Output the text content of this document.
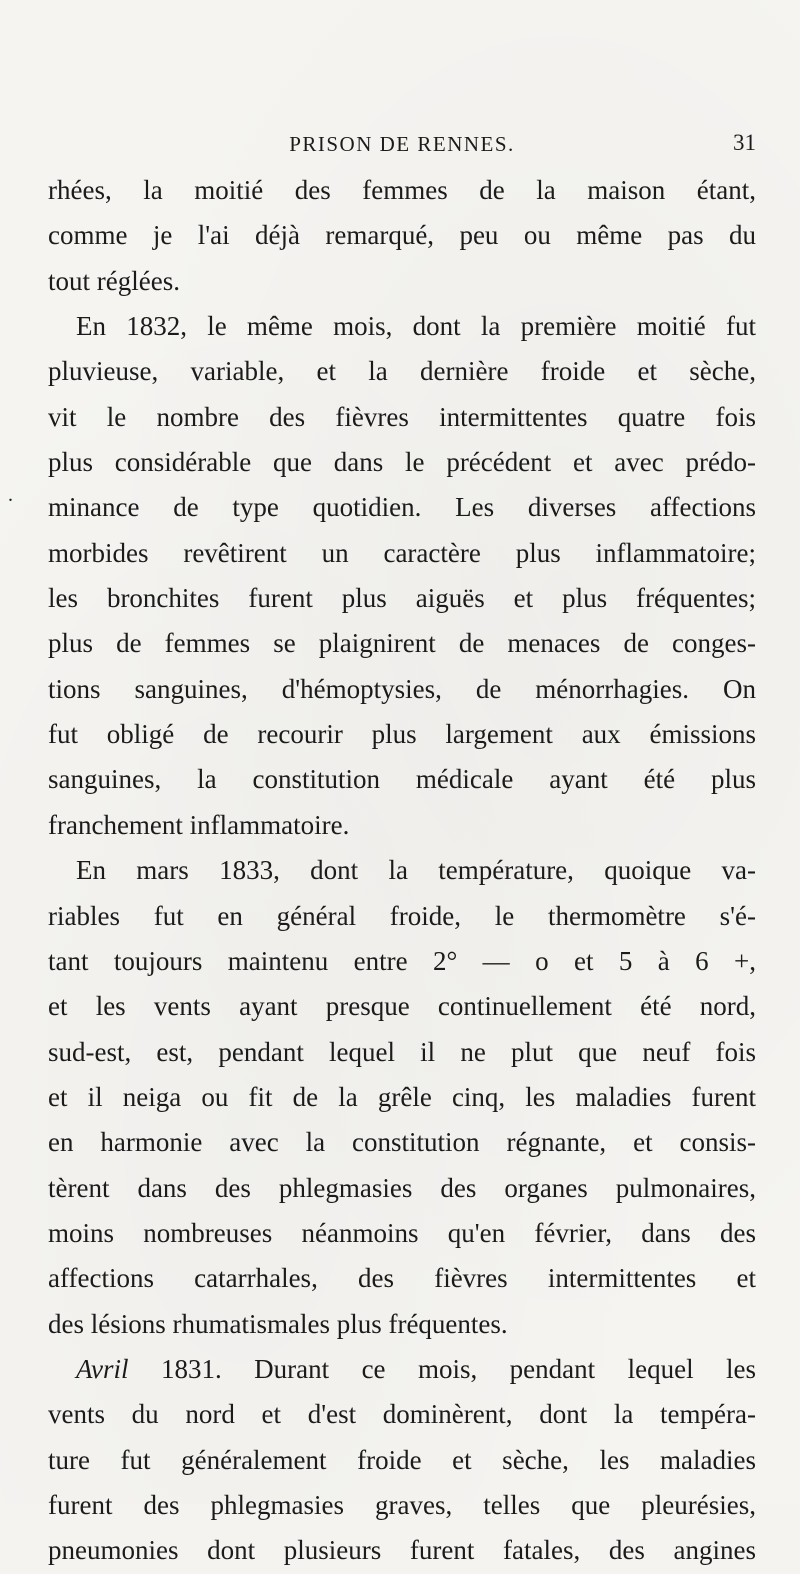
PRISON DE RENNES.	31
.
rhées, la moitié des femmes de la maison étant,
comme je l'ai déjà remarqué, peu ou même pas du
tout réglées.
En 1832, le même mois, dont la première moitié fut
pluvieuse, variable, et la dernière froide et sèche,
vit le nombre des fièvres intermittentes quatre fois
plus considérable que dans le précédent et avec prédo-
minance de type quotidien. Les diverses affections
morbides revêtirent un caractère plus inflammatoire;
les bronchites furent plus aiguës et plus fréquentes;
plus de femmes se plaignirent de menaces de conges-
tions sanguines, d'hémoptysies, de ménorrhagies. On
fut obligé de recourir plus largement aux émissions
sanguines, la constitution médicale ayant été plus
franchement inflammatoire.
En mars 1833, dont la température, quoique va-
riables fut en général froide, le thermomètre s'é-
tant toujours maintenu entre 2° — o et 5 à 6 +,
et les vents ayant presque continuellement été nord,
sud-est, est, pendant lequel il ne plut que neuf fois
et il neiga ou fit de la grêle cinq, les maladies furent
en harmonie avec la constitution régnante, et consis-
tèrent dans des phlegmasies des organes pulmonaires,
moins nombreuses néanmoins qu'en février, dans des
affections catarrhales, des fièvres intermittentes et
des lésions rhumatismales plus fréquentes.
Avril 1831. Durant ce mois, pendant lequel les
vents du nord et d'est dominèrent, dont la tempéra-
ture fut généralement froide et sèche, les maladies
furent des phlegmasies graves, telles que pleurésies,
pneumonies dont plusieurs furent fatales, des angines
